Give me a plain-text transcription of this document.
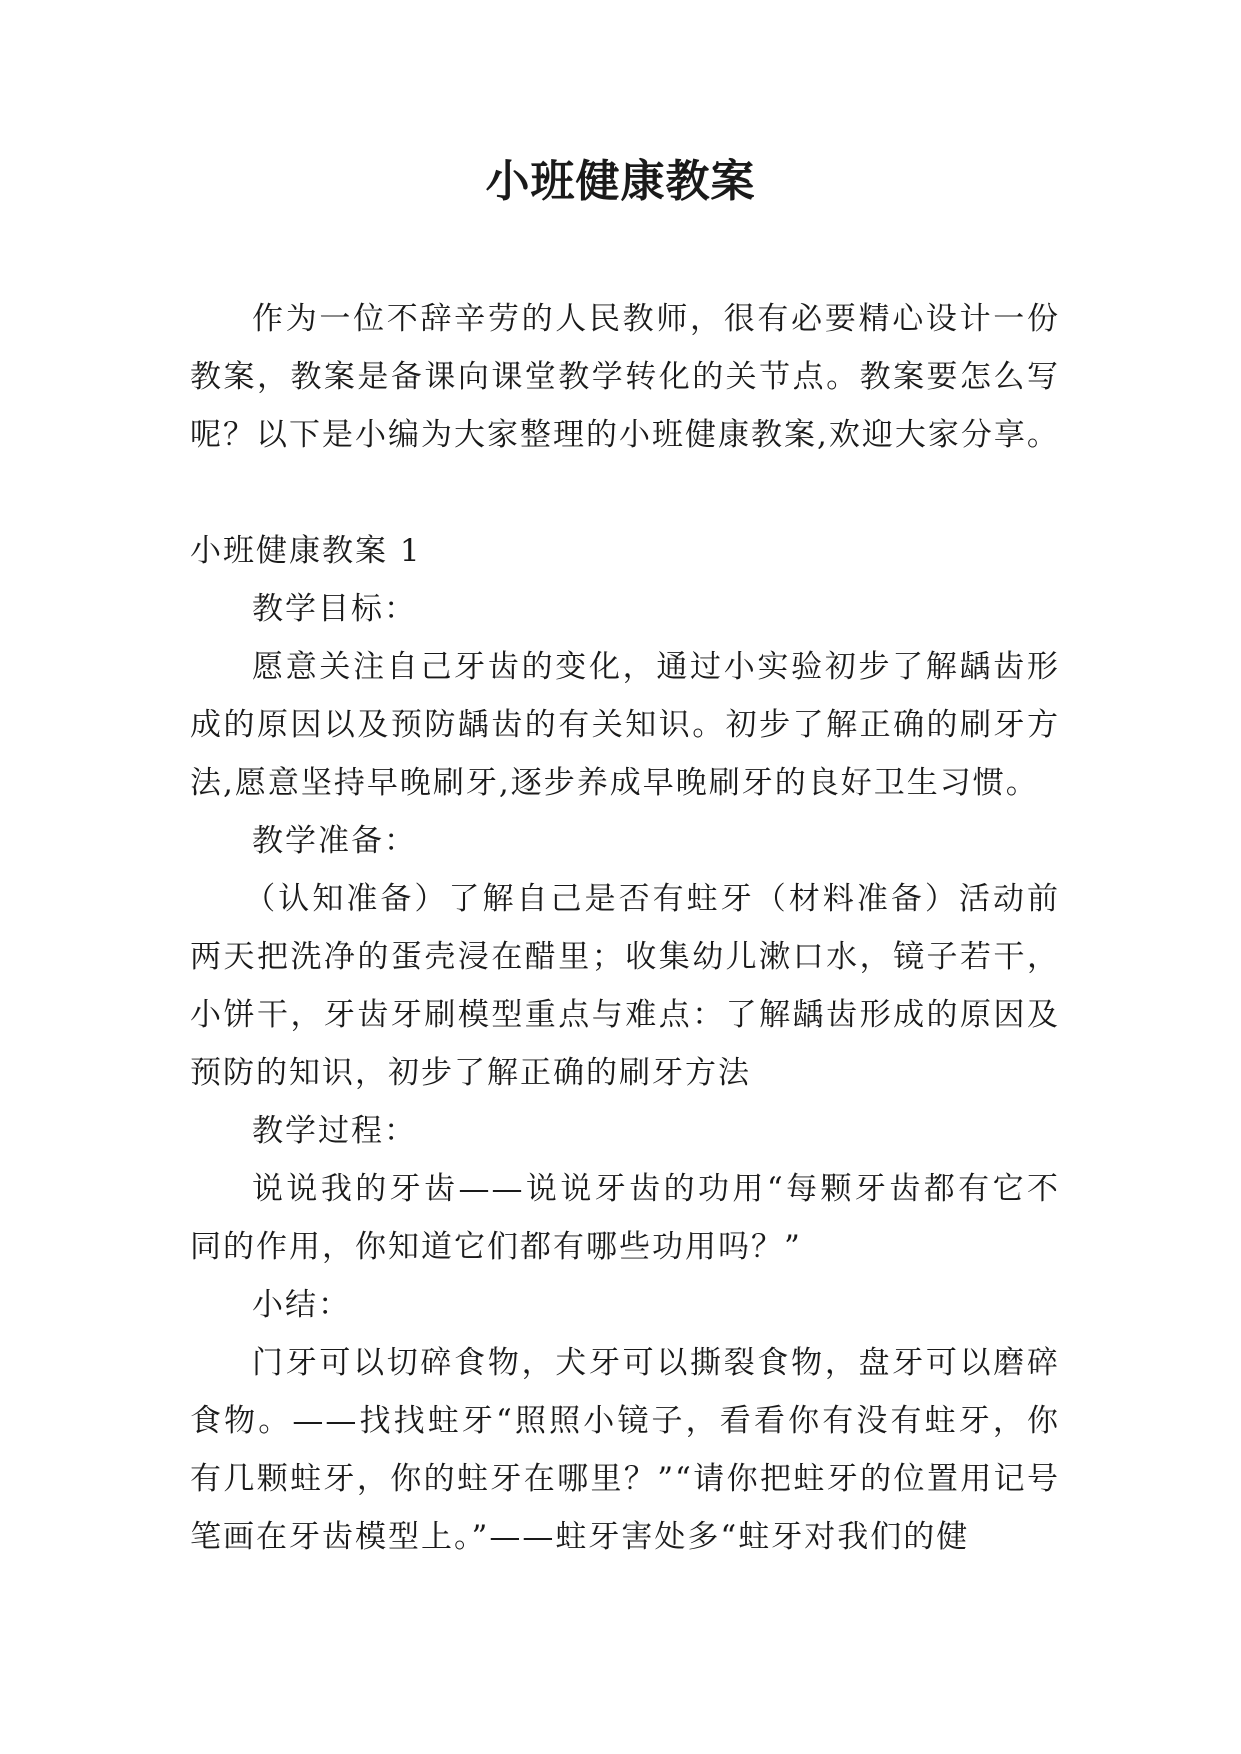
小班健康教案

作为一位不辞辛劳的人民教师，很有必要精心设计一份教案，教案是备课向课堂教学转化的关节点。教案要怎么写呢？以下是小编为大家整理的小班健康教案,欢迎大家分享。

小班健康教案 1

教学目标：

愿意关注自己牙齿的变化，通过小实验初步了解龋齿形成的原因以及预防龋齿的有关知识。初步了解正确的刷牙方法,愿意坚持早晚刷牙,逐步养成早晚刷牙的良好卫生习惯。

教学准备：

（认知准备）了解自己是否有蛀牙（材料准备）活动前两天把洗净的蛋壳浸在醋里；收集幼儿漱口水，镜子若干，小饼干，牙齿牙刷模型重点与难点：了解龋齿形成的原因及预防的知识，初步了解正确的刷牙方法

教学过程：

说说我的牙齿——说说牙齿的功用“每颗牙齿都有它不同的作用，你知道它们都有哪些功用吗？”

小结：

门牙可以切碎食物，犬牙可以撕裂食物，盘牙可以磨碎食物。——找找蛀牙“照照小镜子，看看你有没有蛀牙，你有几颗蛀牙，你的蛀牙在哪里？”“请你把蛀牙的位置用记号笔画在牙齿模型上。”——蛀牙害处多“蛀牙对我们的健
